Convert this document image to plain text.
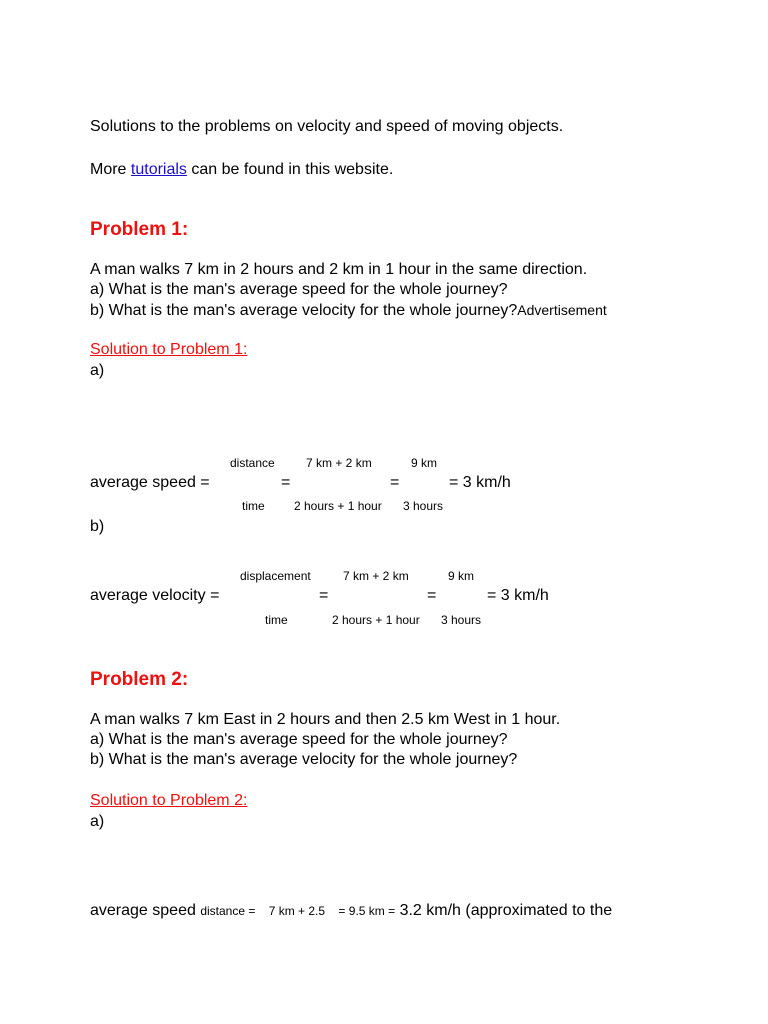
Solutions to the problems on velocity and speed of moving objects.
More tutorials can be found in this website.
Problem 1:
A man walks 7 km in 2 hours and 2 km in 1 hour in the same direction.
a) What is the man's average speed for the whole journey?
b) What is the man's average velocity for the whole journey?Advertisement
Solution to Problem 1:
a)
distance	7 km + 2 km	9 km
average speed =	=	=	= 3 km/h
time 2 hours + 1 hour 3 hours
b)
displacement	7 km + 2 km	9 km
average velocity =	=	=	= 3 km/h
time	2 hours + 1 hour 3 hours
Problem 2:
A man walks 7 km East in 2 hours and then 2.5 km West in 1 hour.
a) What is the man's average speed for the whole journey?
b) What is the man's average velocity for the whole journey?
Solution to Problem 2:
a)
average speed distance = 7 km + 2.5 = 9.5 km = 3.2 km/h (approximated to the
